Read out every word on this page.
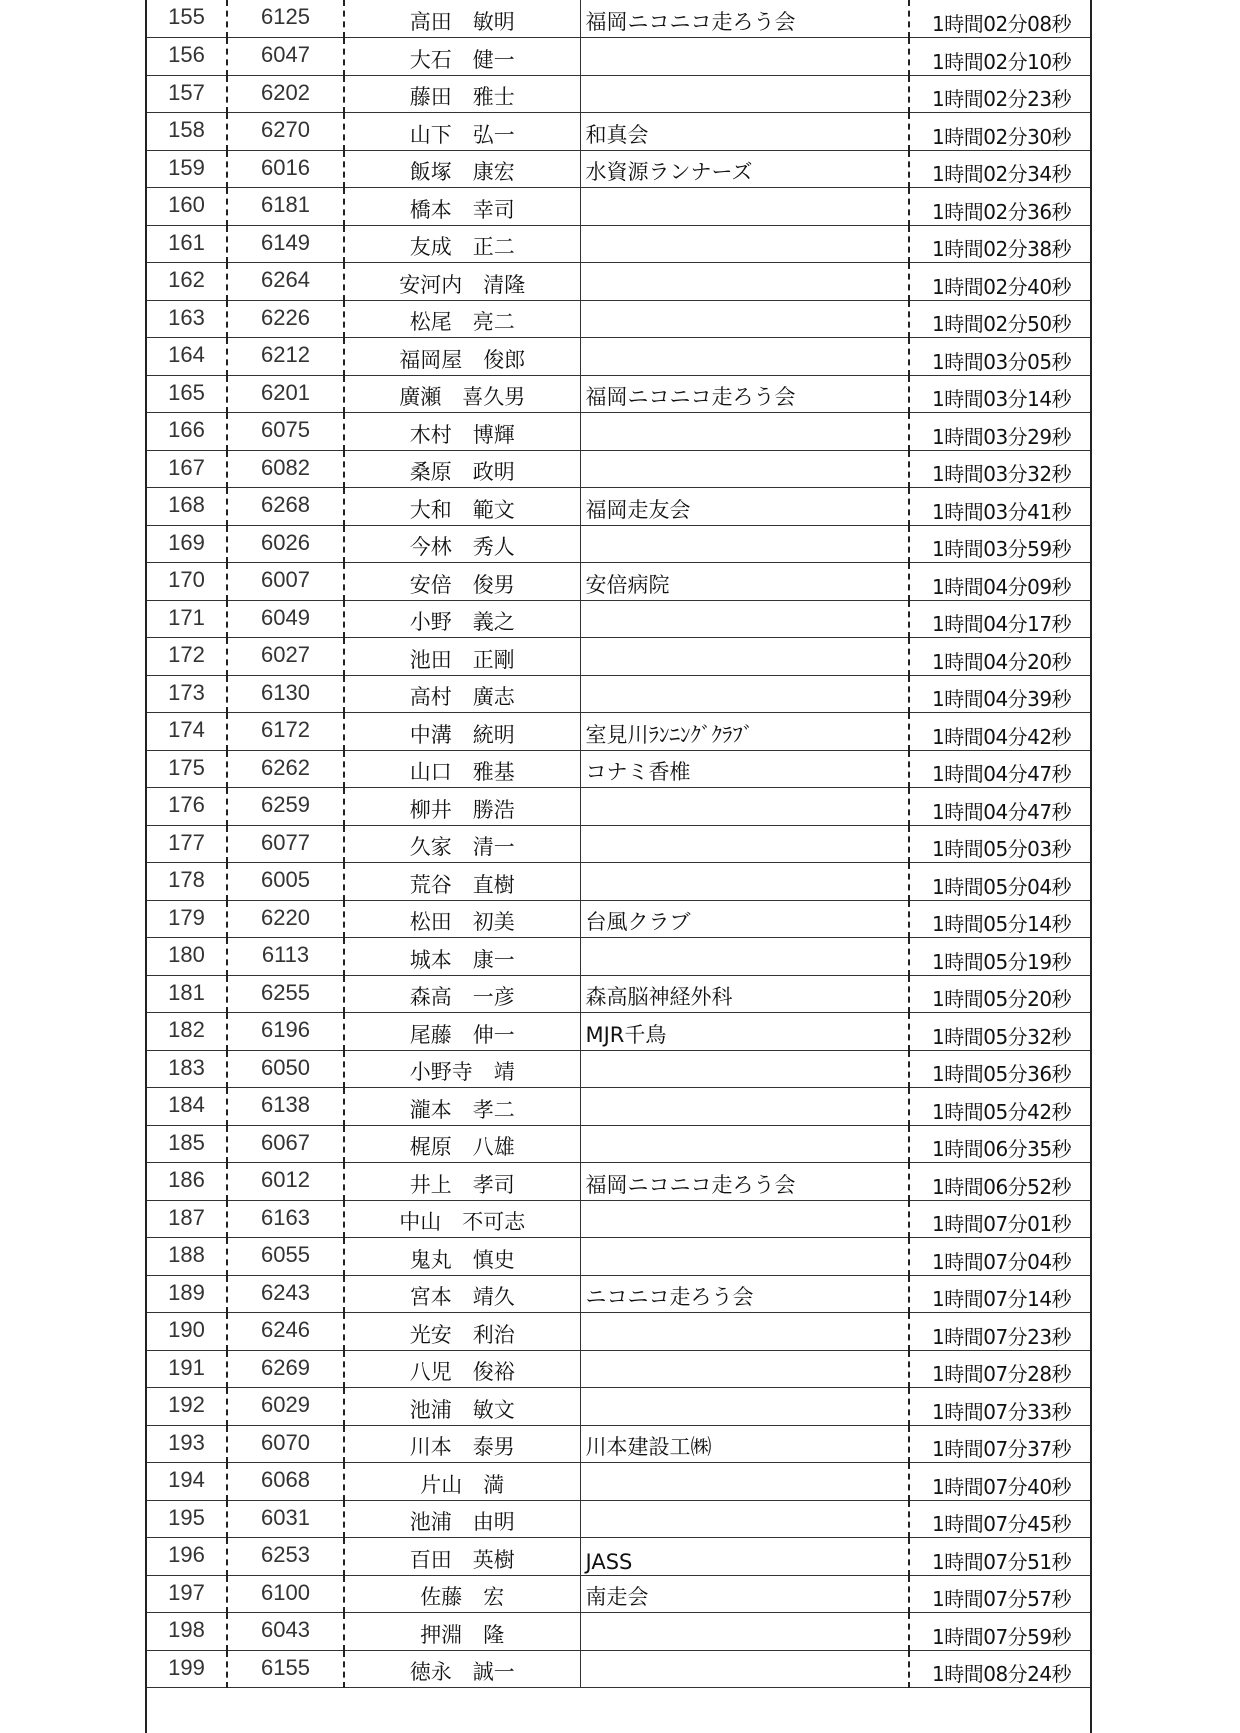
155	6125	高田　敏明	福岡ニコニコ走ろう会	1時間02分08秒
156	6047	大石　健一		1時間02分10秒
157	6202	藤田　雅士		1時間02分23秒
158	6270	山下　弘一	和真会	1時間02分30秒
159	6016	飯塚　康宏	水資源ランナーズ	1時間02分34秒
160	6181	橋本　幸司		1時間02分36秒
161	6149	友成　正二		1時間02分38秒
162	6264	安河内　清隆		1時間02分40秒
163	6226	松尾　亮二		1時間02分50秒
164	6212	福岡屋　俊郎		1時間03分05秒
165	6201	廣瀬　喜久男	福岡ニコニコ走ろう会	1時間03分14秒
166	6075	木村　博輝		1時間03分29秒
167	6082	桑原　政明		1時間03分32秒
168	6268	大和　範文	福岡走友会	1時間03分41秒
169	6026	今林　秀人		1時間03分59秒
170	6007	安倍　俊男	安倍病院	1時間04分09秒
171	6049	小野　義之		1時間04分17秒
172	6027	池田　正剛		1時間04分20秒
173	6130	高村　廣志		1時間04分39秒
174	6172	中溝　統明	室見川ﾗﾝﾆﾝｸﾞｸﾗﾌﾞ	1時間04分42秒
175	6262	山口　雅基	コナミ香椎	1時間04分47秒
176	6259	柳井　勝浩		1時間04分47秒
177	6077	久家　清一		1時間05分03秒
178	6005	荒谷　直樹		1時間05分04秒
179	6220	松田　初美	台風クラブ	1時間05分14秒
180	6113	城本　康一		1時間05分19秒
181	6255	森高　一彦	森高脳神経外科	1時間05分20秒
182	6196	尾藤　伸一	MJR千鳥	1時間05分32秒
183	6050	小野寺　靖		1時間05分36秒
184	6138	瀧本　孝二		1時間05分42秒
185	6067	梶原　八雄		1時間06分35秒
186	6012	井上　孝司	福岡ニコニコ走ろう会	1時間06分52秒
187	6163	中山　不可志		1時間07分01秒
188	6055	鬼丸　慎史		1時間07分04秒
189	6243	宮本　靖久	ニコニコ走ろう会	1時間07分14秒
190	6246	光安　利治		1時間07分23秒
191	6269	八児　俊裕		1時間07分28秒
192	6029	池浦　敏文		1時間07分33秒
193	6070	川本　泰男	川本建設工㈱	1時間07分37秒
194	6068	片山　満		1時間07分40秒
195	6031	池浦　由明		1時間07分45秒
196	6253	百田　英樹	JASS	1時間07分51秒
197	6100	佐藤　宏	南走会	1時間07分57秒
198	6043	押淵　隆		1時間07分59秒
199	6155	徳永　誠一		1時間08分24秒
